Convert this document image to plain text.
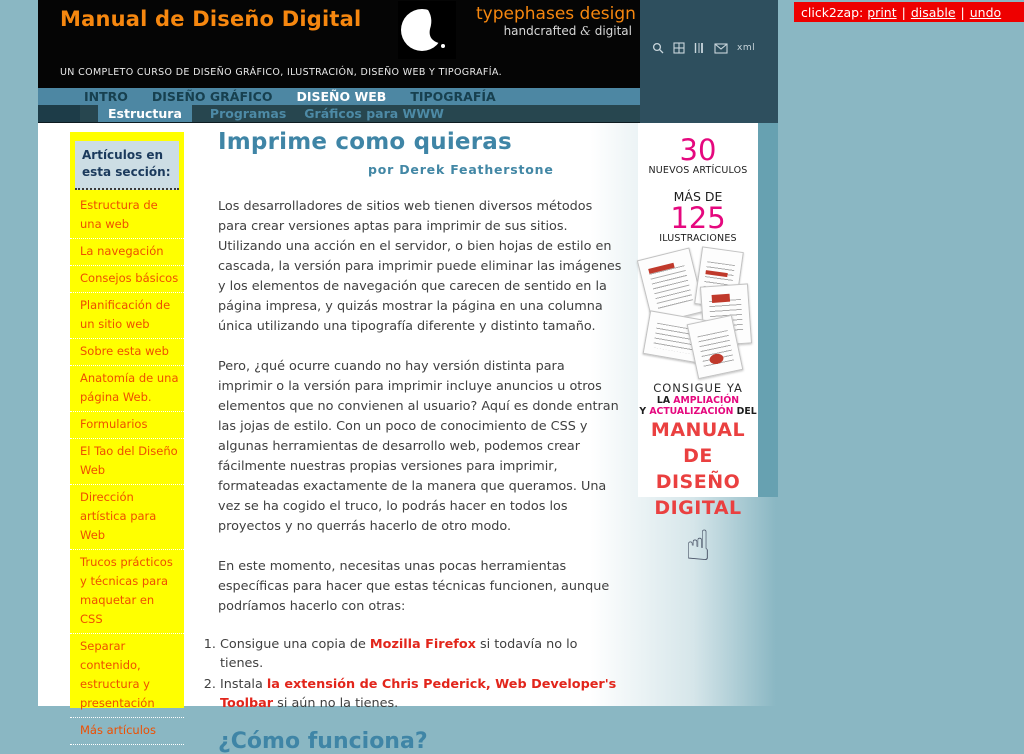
click2zap: print | disable | undo
Manual de Diseño Digital	typephases design
handcrafted & digital
UN COMPLETO CURSO DE DISEÑO GRÁFICO, ILUSTRACIÓN, DISEÑO WEB Y TIPOGRAFÍA.
xml
INTRO DISEÑO GRÁFICO DISEÑO WEB TIPOGRAFÍA
Estructura	Programas Gráficos para WWW
Artículos en esta sección:
Estructura de una web
La navegación
Consejos básicos
Planificación de un sitio web
Sobre esta web
Anatomía de una página Web.
Formularios
El Tao del Diseño Web
Dirección artística para Web
Trucos prácticos y técnicas para maquetar en CSS
Separar contenido, estructura y presentación
Más artículos
Imprime como quieras
por Derek Featherstone

Los desarrolladores de sitios web tienen diversos métodos para crear versiones aptas para imprimir de sus sitios. Utilizando una acción en el servidor, o bien hojas de estilo en cascada, la versión para imprimir puede eliminar las imágenes y los elementos de navegación que carecen de sentido en la página impresa, y quizás mostrar la página en una columna única utilizando una tipografía diferente y distinto tamaño.

Pero, ¿qué ocurre cuando no hay versión distinta para imprimir o la versión para imprimir incluye anuncios u otros elementos que no convienen al usuario? Aquí es donde entran las jojas de estilo. Con un poco de conocimiento de CSS y algunas herramientas de desarrollo web, podemos crear fácilmente nuestras propias versiones para imprimir, formateadas exactamente de la manera que queramos. Una vez se ha cogido el truco, lo podrás hacer en todos los proyectos y no querrás hacerlo de otro modo.

En este momento, necesitas unas pocas herramientas específicas para hacer que estas técnicas funcionen, aunque podríamos hacerlo con otras:

1. Consigue una copia de Mozilla Firefox si todavía no lo tienes.
2. Instala la extensión de Chris Pederick, Web Developer's Toolbar si aún no la tienes.
¿Cómo funciona?
30
NUEVOS ARTÍCULOS
MÁS DE
125
ILUSTRACIONES
CONSIGUE YA
LA AMPLIACIÓN
Y ACTUALIZACIÓN DEL
MANUAL
DE DISEÑO
DIGITAL
☝
